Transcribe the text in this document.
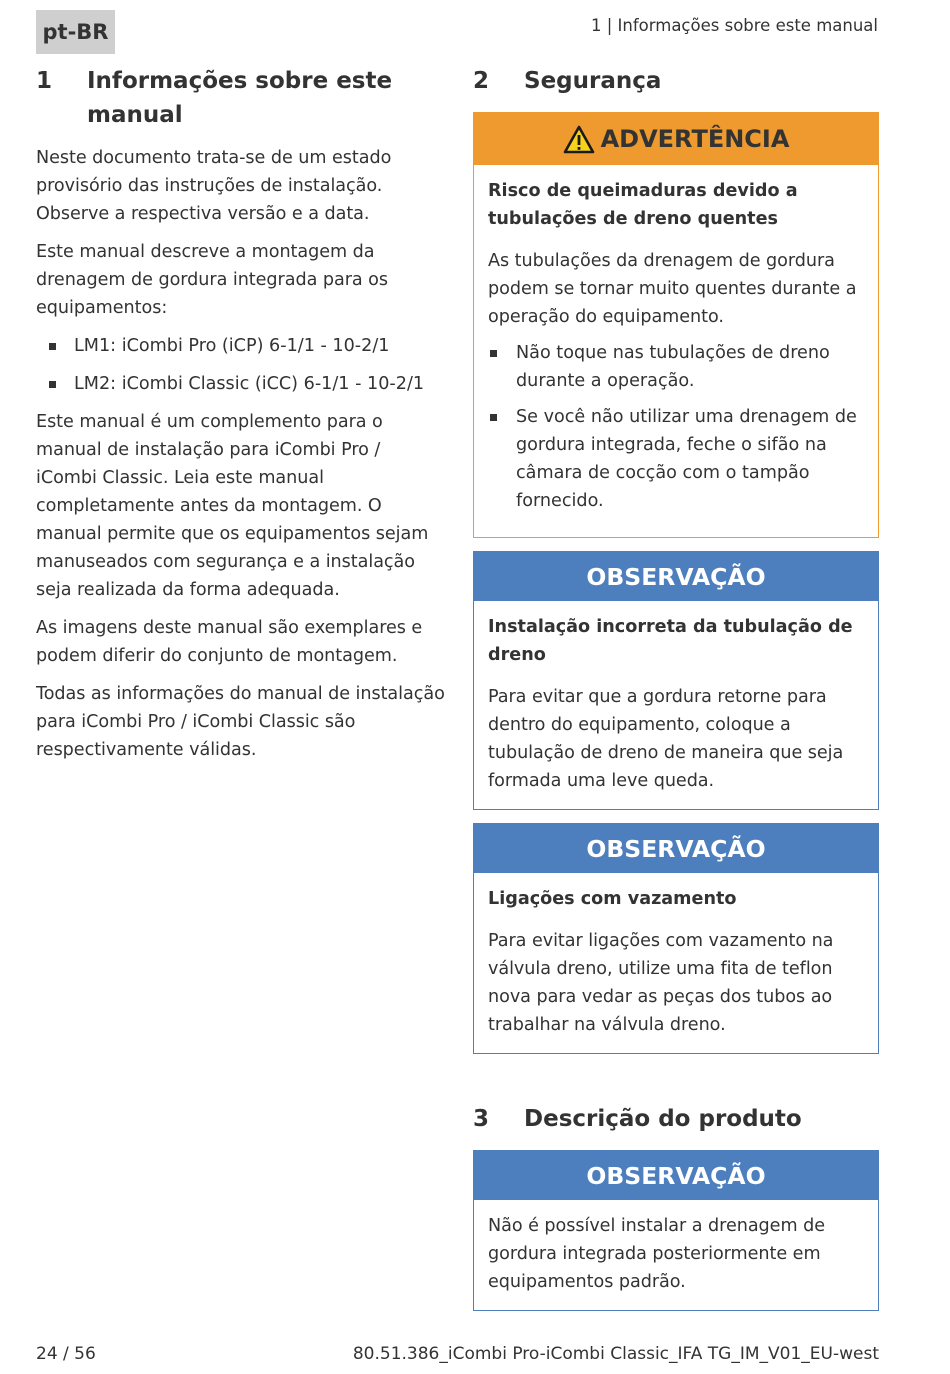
pt-BR	1 | Informações sobre este manual
1	Informações sobre este manual

Neste documento trata-se de um estado provisório das instruções de instalação. Observe a respectiva versão e a data.

Este manual descreve a montagem da drenagem de gordura integrada para os equipamentos:

LM1: iCombi Pro (iCP) 6-1/1 - 10-2/1
LM2: iCombi Classic (iCC) 6-1/1 - 10-2/1

Este manual é um complemento para o manual de instalação para iCombi Pro / iCombi Classic. Leia este manual completamente antes da montagem. O manual permite que os equipamentos sejam manuseados com segurança e a instalação seja realizada da forma adequada.

As imagens deste manual são exemplares e podem diferir do conjunto de montagem.

Todas as informações do manual de instalação para iCombi Pro / iCombi Classic são respectivamente válidas.

2	Segurança
ADVERTÊNCIA
Risco de queimaduras devido a tubulações de dreno quentes

As tubulações da drenagem de gordura podem se tornar muito quentes durante a operação do equipamento.

Não toque nas tubulações de dreno durante a operação.
Se você não utilizar uma drenagem de gordura integrada, feche o sifão na câmara de cocção com o tampão fornecido.
OBSERVAÇÃO
Instalação incorreta da tubulação de dreno

Para evitar que a gordura retorne para dentro do equipamento, coloque a tubulação de dreno de maneira que seja formada uma leve queda.

OBSERVAÇÃO
Ligações com vazamento

Para evitar ligações com vazamento na válvula dreno, utilize uma fita de teflon nova para vedar as peças dos tubos ao trabalhar na válvula dreno.

3	Descrição do produto
OBSERVAÇÃO

Não é possível instalar a drenagem de gordura integrada posteriormente em equipamentos padrão.

24 / 56	80.51.386_iCombi Pro-iCombi Classic_IFA TG_IM_V01_EU-west
